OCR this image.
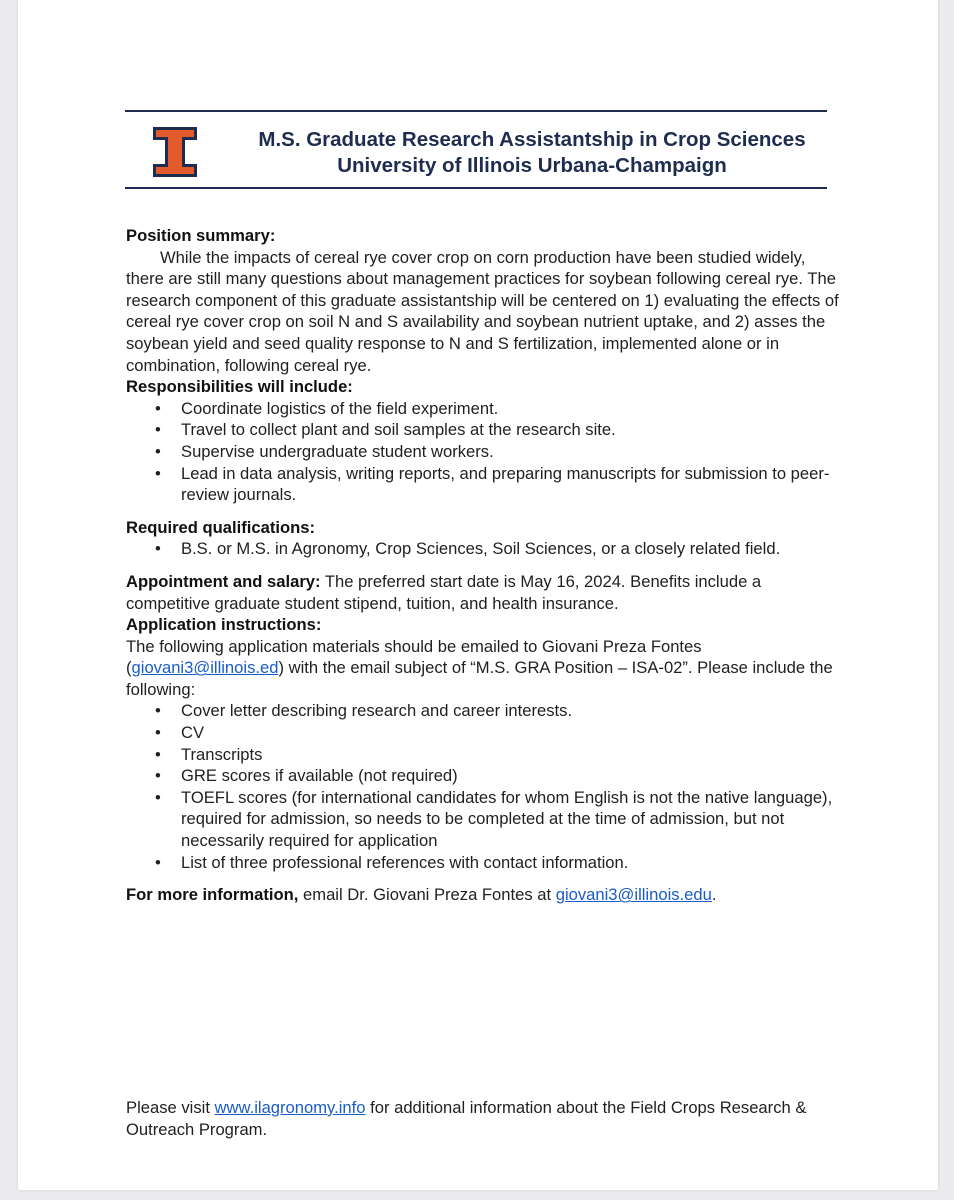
M.S. Graduate Research Assistantship in Crop Sciences University of Illinois Urbana-Champaign

Position summary:

While the impacts of cereal rye cover crop on corn production have been studied widely, there are still many questions about management practices for soybean following cereal rye. The research component of this graduate assistantship will be centered on 1) evaluating the effects of cereal rye cover crop on soil N and S availability and soybean nutrient uptake, and 2) asses the soybean yield and seed quality response to N and S fertilization, implemented alone or in combination, following cereal rye.

Responsibilities will include:

• Coordinate logistics of the field experiment.
• Travel to collect plant and soil samples at the research site.
• Supervise undergraduate student workers.
• Lead in data analysis, writing reports, and preparing manuscripts for submission to peer-review journals.

Required qualifications:

• B.S. or M.S. in Agronomy, Crop Sciences, Soil Sciences, or a closely related field.

Appointment and salary: The preferred start date is May 16, 2024. Benefits include a competitive graduate student stipend, tuition, and health insurance.

Application instructions:

The following application materials should be emailed to Giovani Preza Fontes (giovani3@illinois.ed) with the email subject of “M.S. GRA Position – ISA-02”. Please include the following:

• Cover letter describing research and career interests.
• CV
• Transcripts
• GRE scores if available (not required)
• TOEFL scores (for international candidates for whom English is not the native language), required for admission, so needs to be completed at the time of admission, but not necessarily required for application
• List of three professional references with contact information.

For more information, email Dr. Giovani Preza Fontes at giovani3@illinois.edu.

Please visit www.ilagronomy.info for additional information about the Field Crops Research & Outreach Program.
